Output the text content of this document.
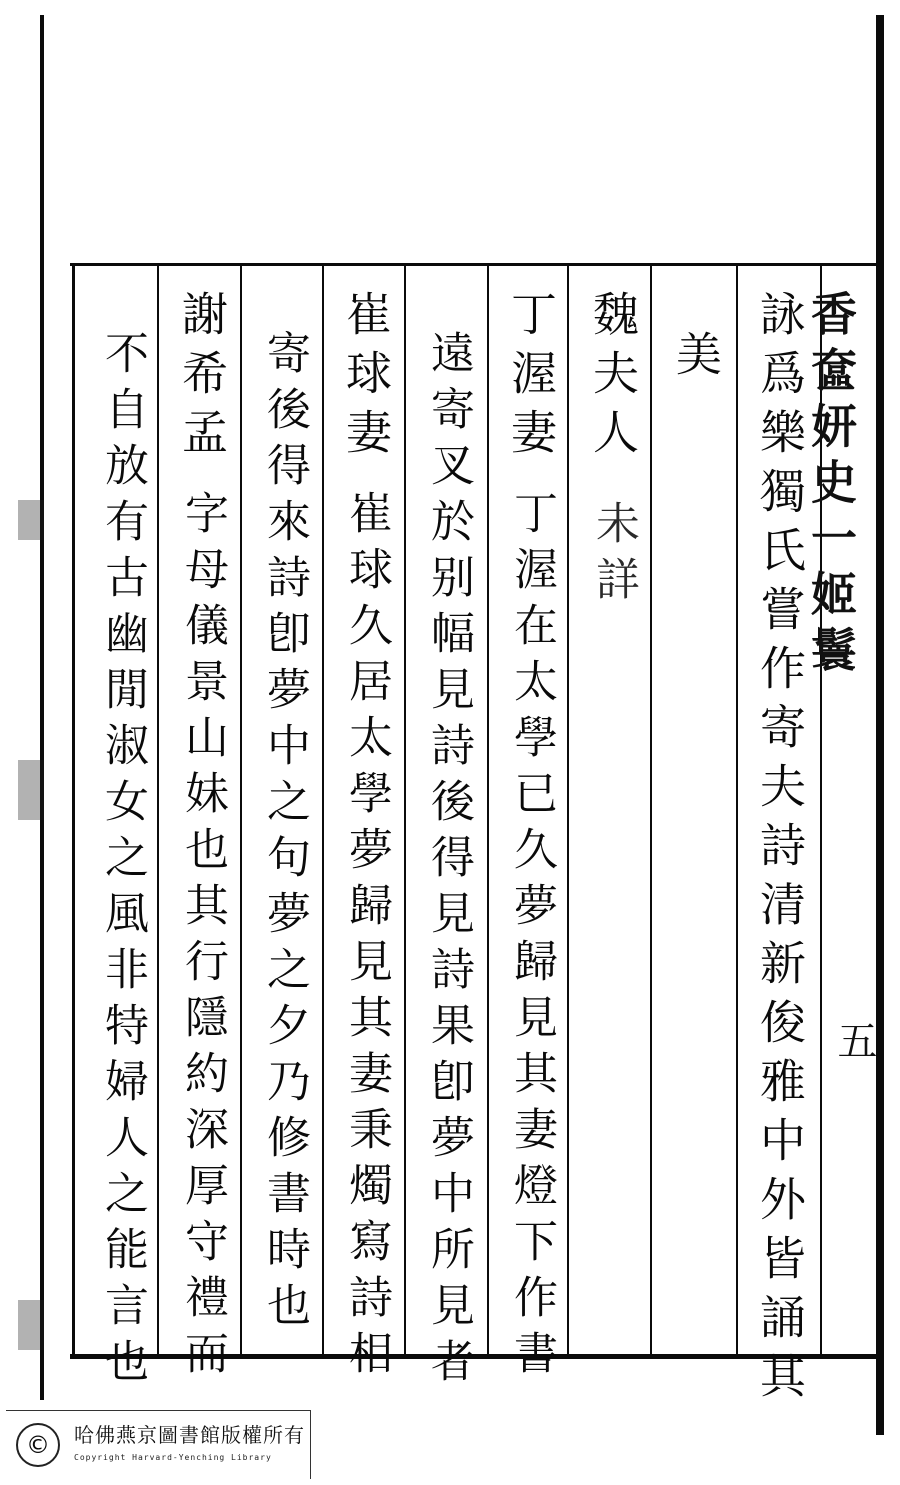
香奩妍史一姬鬟
五
詠爲樂獨氏嘗作寄夫詩清新俊雅中外皆誦其
美
魏夫人
未詳
丁渥妻
丁渥在太學已久夢歸見其妻燈下作書
遠寄叉於别幅見詩後得見詩果卽夢中所見者
崔球妻
崔球久居太學夢歸見其妻秉燭寫詩相
寄後得來詩卽夢中之句夢之夕乃修書時也
謝希孟
字母儀景山妹也其行隱約深厚守禮而
不自放有古幽閒淑女之風非特婦人之能言也
©	哈佛燕京圖書館版權所有
Copyright Harvard-Yenching Library
